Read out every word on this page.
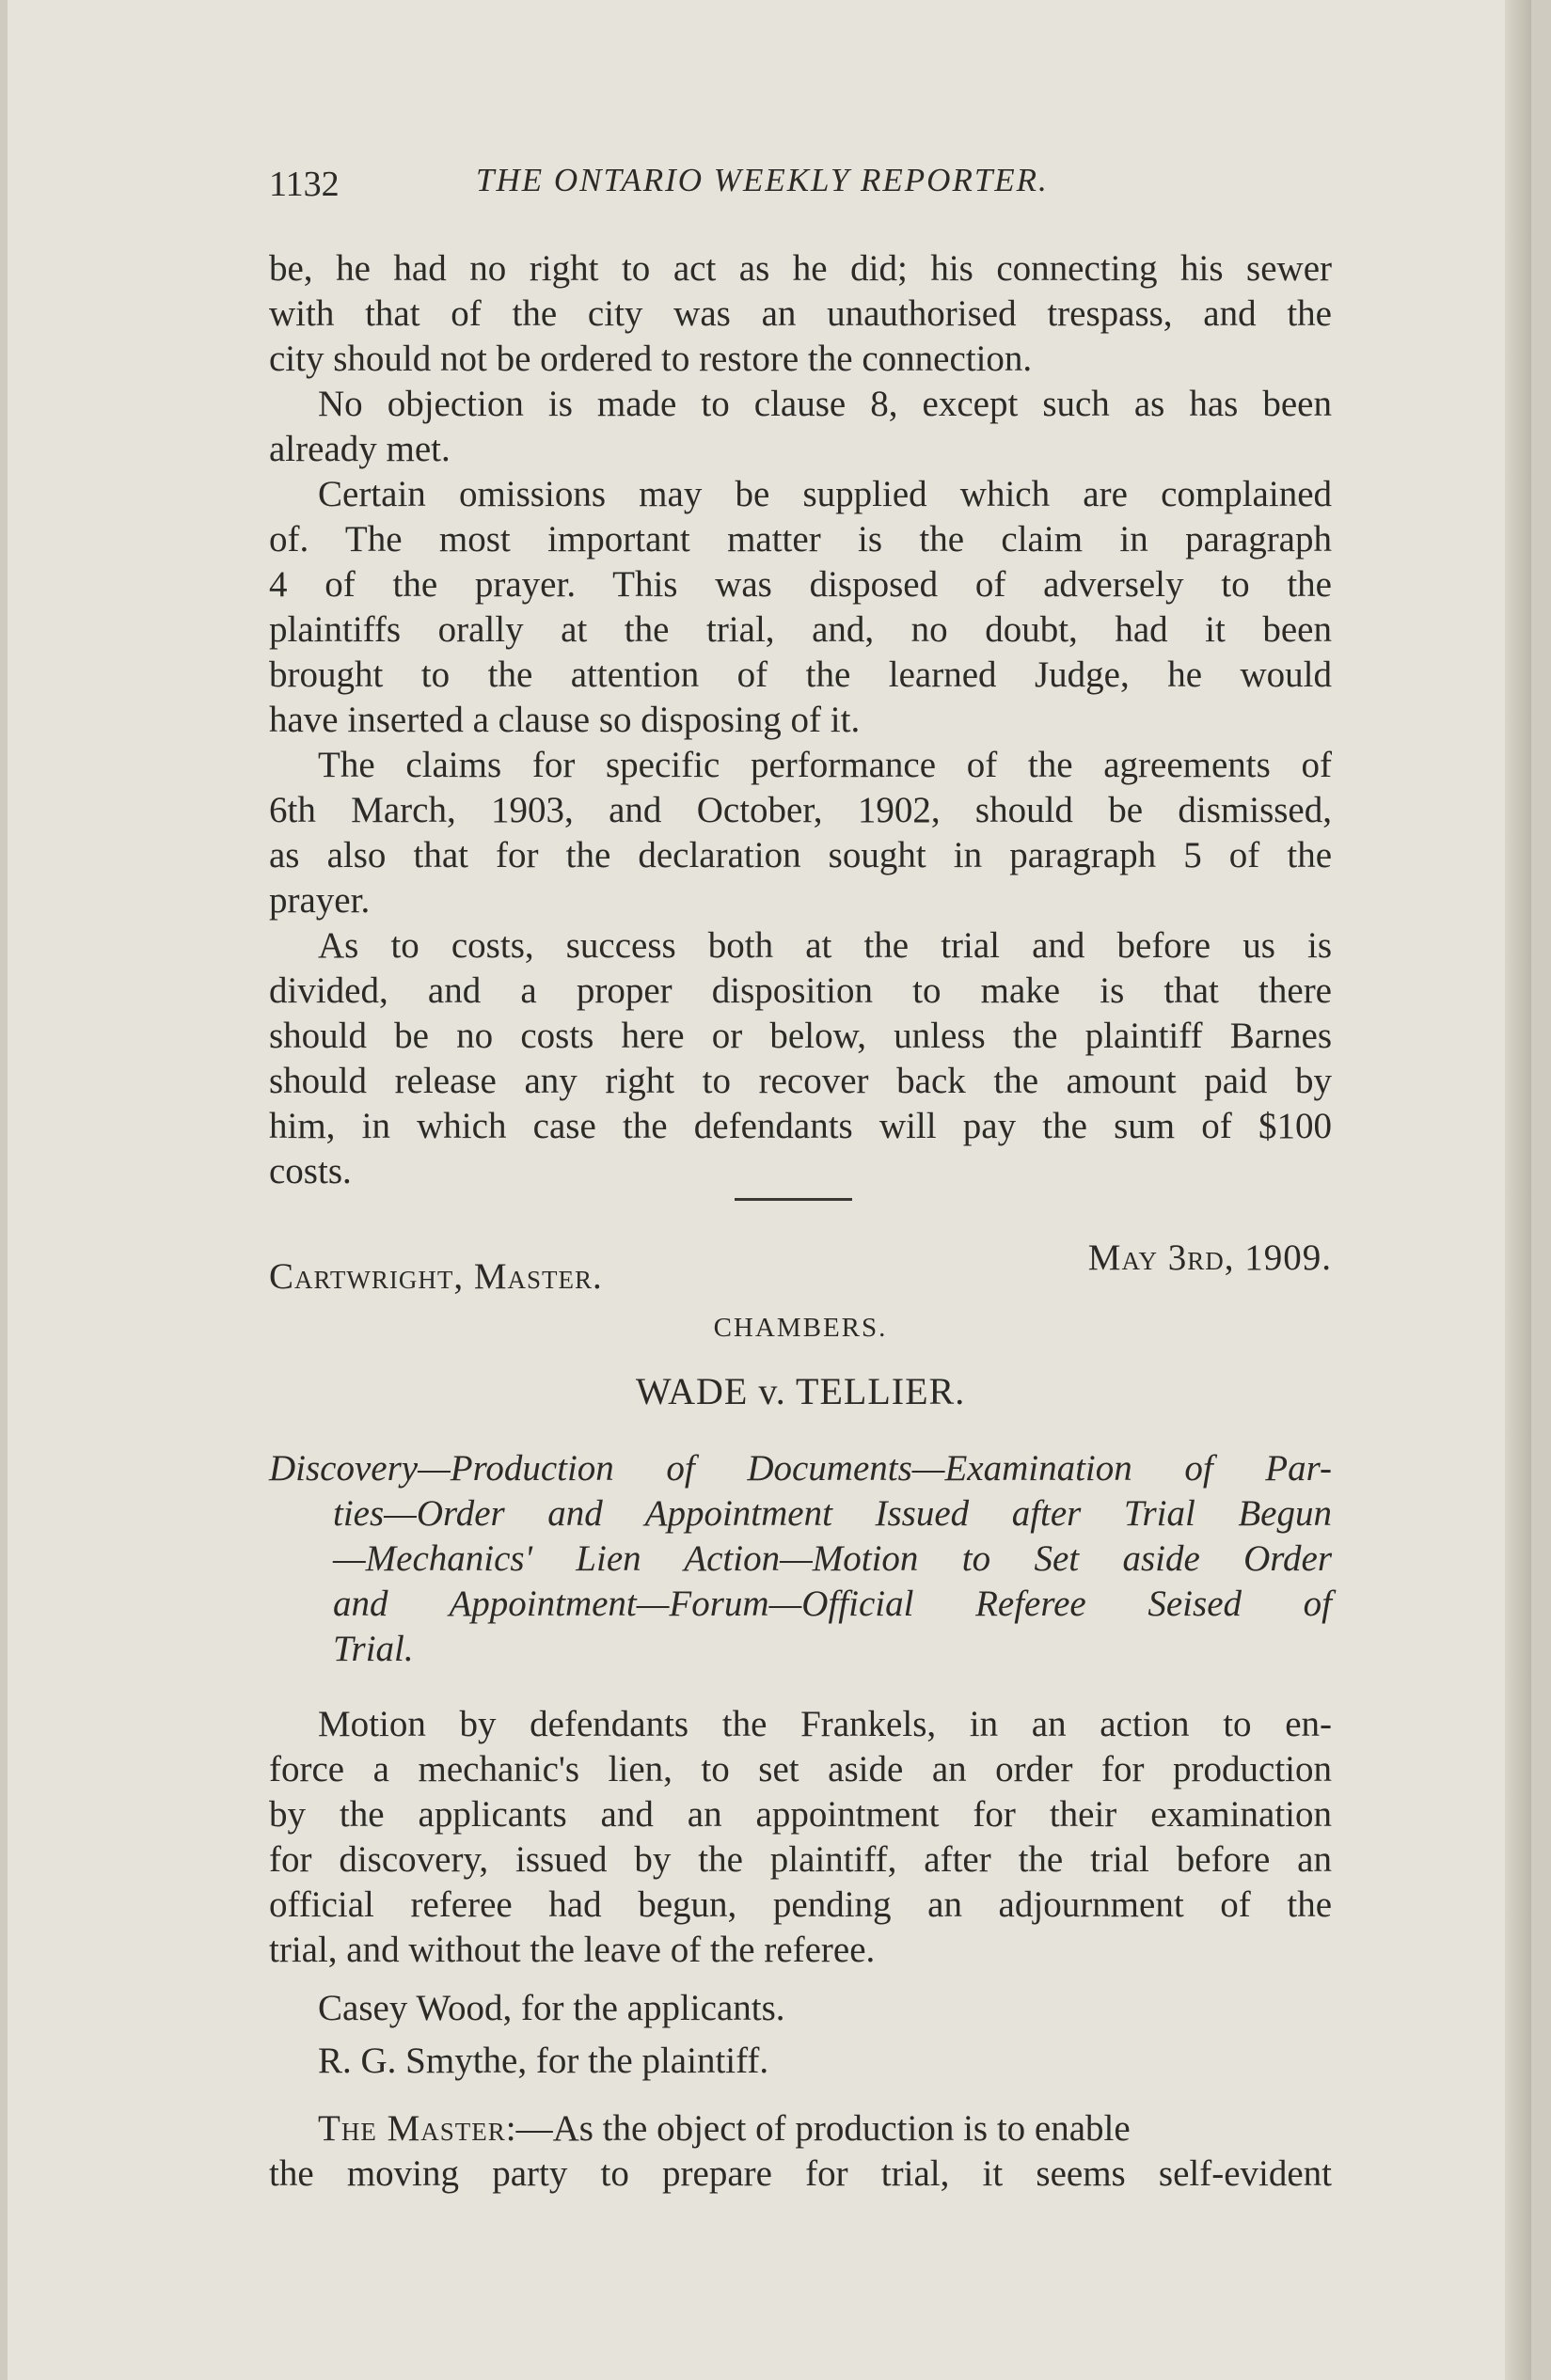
1132	THE ONTARIO WEEKLY REPORTER.
be, he had no right to act as he did; his connecting his sewer
with that of the city was an unauthorised trespass, and the
city should not be ordered to restore the connection.
No objection is made to clause 8, except such as has been
already met.
Certain omissions may be supplied which are complained
of. The most important matter is the claim in paragraph
4 of the prayer. This was disposed of adversely to the
plaintiffs orally at the trial, and, no doubt, had it been
brought to the attention of the learned Judge, he would
have inserted a clause so disposing of it.
The claims for specific performance of the agreements of
6th March, 1903, and October, 1902, should be dismissed,
as also that for the declaration sought in paragraph 5 of the
prayer.
As to costs, success both at the trial and before us is
divided, and a proper disposition to make is that there
should be no costs here or below, unless the plaintiff Barnes
should release any right to recover back the amount paid by
him, in which case the defendants will pay the sum of $100
costs.
Cartwright, Master.	May 3rd, 1909.
CHAMBERS.
WADE v. TELLIER.
Discovery—Production of Documents—Examination of Par-
ties—Order and Appointment Issued after Trial Begun
—Mechanics' Lien Action—Motion to Set aside Order
and Appointment—Forum—Official Referee Seised of
Trial.
Motion by defendants the Frankels, in an action to en-
force a mechanic's lien, to set aside an order for production
by the applicants and an appointment for their examination
for discovery, issued by the plaintiff, after the trial before an
official referee had begun, pending an adjournment of the
trial, and without the leave of the referee.
Casey Wood, for the applicants.
R. G. Smythe, for the plaintiff.
The Master:—As the object of production is to enable
the moving party to prepare for trial, it seems self-evident
